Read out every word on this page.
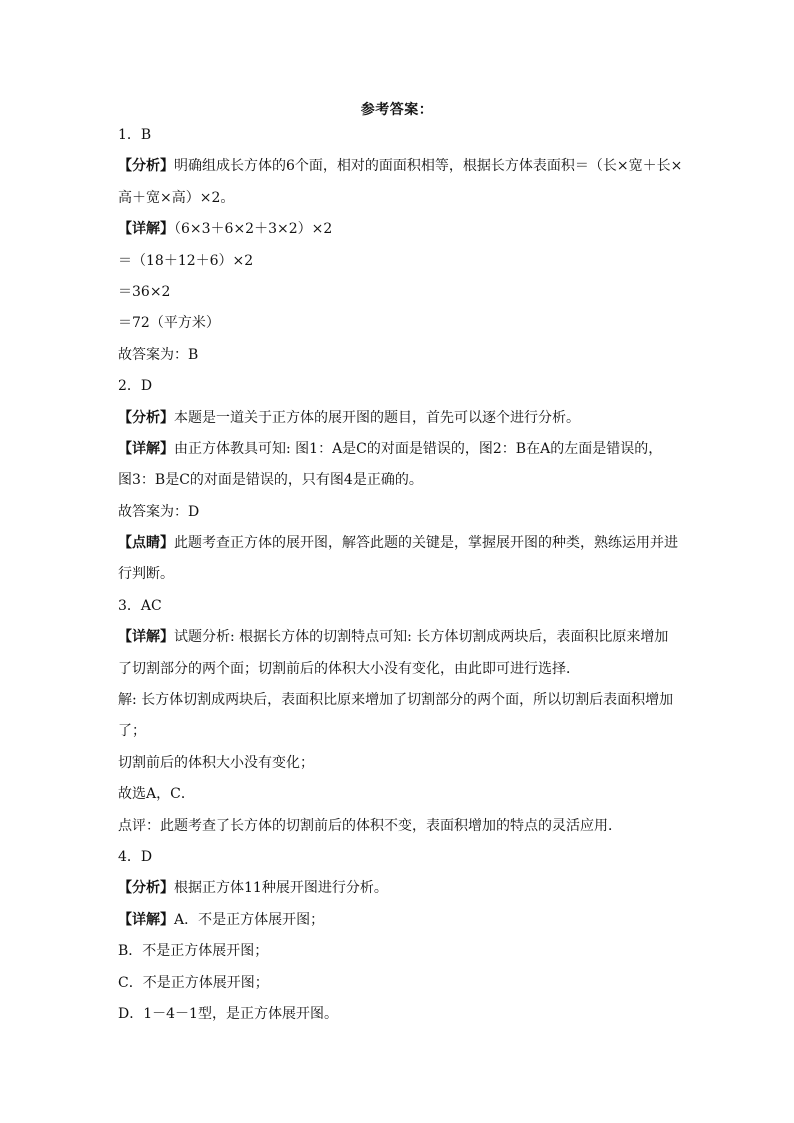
参考答案：
1．B
【分析】明确组成长方体的6个面，相对的面面积相等，根据长方体表面积＝（长×宽＋长×
高＋宽×高）×2。
【详解】（6×3＋6×2＋3×2）×2
＝（18＋12＋6）×2
＝36×2
＝72（平方米）
故答案为：B
2．D
【分析】本题是一道关于正方体的展开图的题目，首先可以逐个进行分析。
【详解】由正方体教具可知: 图1：A是C的对面是错误的，图2：B在A的左面是错误的，
图3：B是C的对面是错误的，只有图4是正确的。
故答案为：D
【点睛】此题考查正方体的展开图，解答此题的关键是，掌握展开图的种类，熟练运用并进
行判断。
3．AC
【详解】试题分析: 根据长方体的切割特点可知: 长方体切割成两块后，表面积比原来增加
了切割部分的两个面；切割前后的体积大小没有变化，由此即可进行选择．
解: 长方体切割成两块后，表面积比原来增加了切割部分的两个面，所以切割后表面积增加
了；
切割前后的体积大小没有变化；
故选A，C．
点评：此题考查了长方体的切割前后的体积不变，表面积增加的特点的灵活应用．
4．D
【分析】根据正方体11种展开图进行分析。
【详解】A．不是正方体展开图；
B．不是正方体展开图；
C．不是正方体展开图；
D．1－4－1型，是正方体展开图。
